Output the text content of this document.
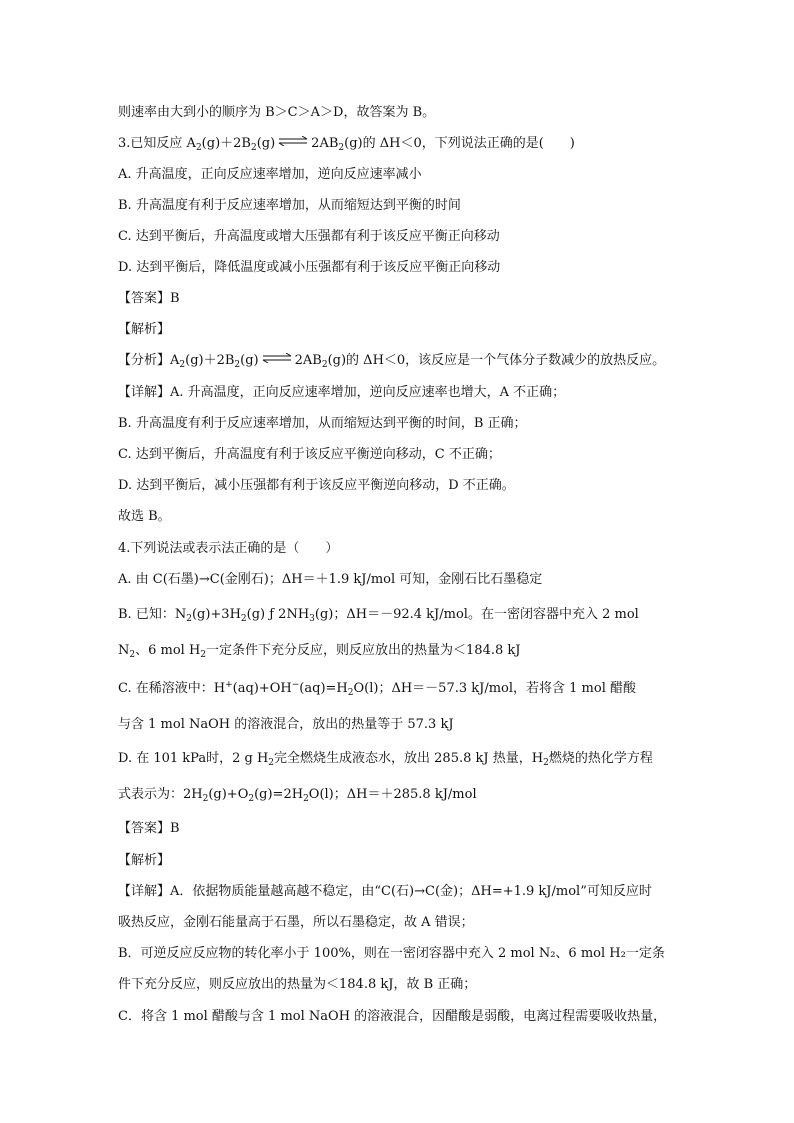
则速率由大到小的顺序为 B＞C＞A＞D，故答案为 B。
3.已知反应 $A_2(g)+2B_2(g)$ ⇌ $2AB_2(g)$的 ΔH＜0，下列说法正确的是(　　)
A. 升高温度，正向反应速率增加，逆向反应速率减小
B. 升高温度有利于反应速率增加，从而缩短达到平衡的时间
C. 达到平衡后，升高温度或增大压强都有利于该反应平衡正向移动
D. 达到平衡后，降低温度或减小压强都有利于该反应平衡正向移动
【答案】B
【解析】
【分析】$A_2(g)+2B_2(g)$ ⇌ $2AB_2(g)$的 ΔH＜0，该反应是一个气体分子数减少的放热反应。
【详解】A. 升高温度，正向反应速率增加，逆向反应速率也增大，A 不正确；
B. 升高温度有利于反应速率增加，从而缩短达到平衡的时间，B 正确；
C. 达到平衡后，升高温度有利于该反应平衡逆向移动，C 不正确；
D. 达到平衡后，减小压强都有利于该反应平衡逆向移动，D 不正确。
故选 B。
4.下列说法或表示法正确的是（　　）
A. 由 C(石墨)→C(金刚石)；ΔH＝＋1.9 kJ/mol 可知，金刚石比石墨稳定
B. 已知：$N_2(g)+3H_2(g)$ ƒ $2NH_3(g)$；ΔH＝－92.4 kJ/mol。在一密闭容器中充入 2 mol
$N_2$、6 mol $H_2$一定条件下充分反应，则反应放出的热量为＜184.8 kJ
C. 在稀溶液中：$H^+(aq)+OH^-(aq)=H_2O(l)$；ΔH＝－57.3 kJ/mol，若将含 1 mol 醋酸
与含 1 mol NaOH 的溶液混合，放出的热量等于 57.3 kJ
D. 在 101 kPa时，2 g $H_2$完全燃烧生成液态水，放出 285.8 kJ 热量，$H_2$燃烧的热化学方程
式表示为：$2H_2(g)+O_2(g)=2H_2O(l)$；ΔH＝＋285.8 kJ/mol
【答案】B
【解析】
【详解】A．依据物质能量越高越不稳定，由“C(石)→C(金)；ΔH=+1.9 kJ/mol”可知反应时
吸热反应，金刚石能量高于石墨，所以石墨稳定，故 A 错误；
B．可逆反应反应物的转化率小于 100%，则在一密闭容器中充入 2 mol N₂、6 mol H₂一定条
件下充分反应，则反应放出的热量为＜184.8 kJ，故 B 正确；
C．将含 1 mol 醋酸与含 1 mol NaOH 的溶液混合，因醋酸是弱酸，电离过程需要吸收热量，
